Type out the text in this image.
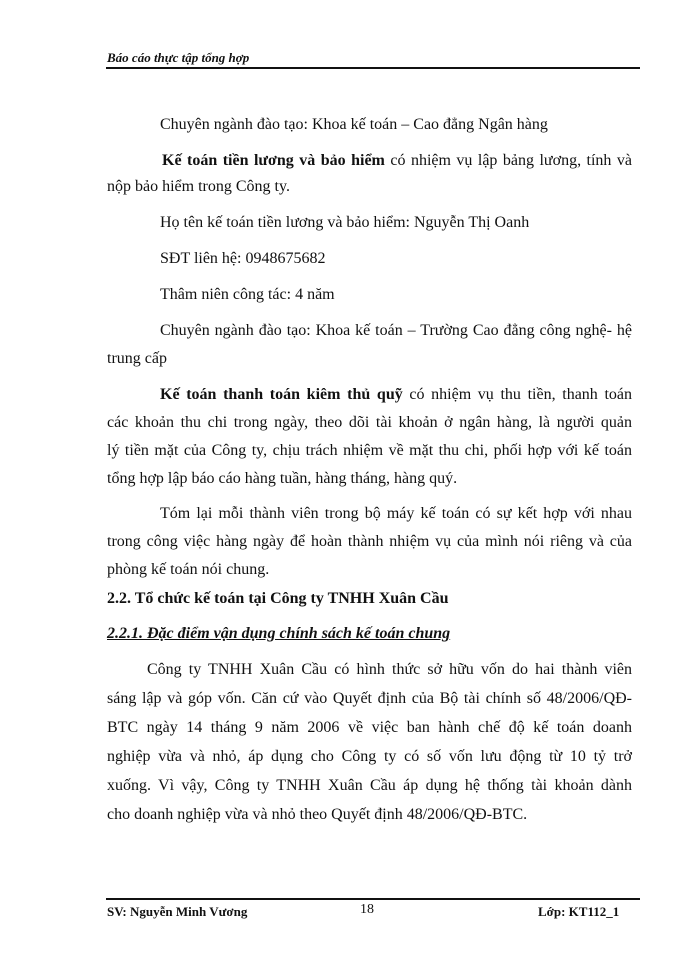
Báo cáo thực tập tổng hợp
Chuyên ngành đào tạo: Khoa kế toán – Cao đẳng Ngân hàng
Kế toán tiền lương và bảo hiểm có nhiệm vụ lập bảng lương, tính và
nộp bảo hiểm trong Công ty.
Họ tên kế toán tiền lương và bảo hiểm: Nguyễn Thị Oanh
SĐT liên hệ: 0948675682
Thâm niên công tác: 4 năm
Chuyên ngành đào tạo: Khoa kế toán – Trường Cao đẳng công nghệ- hệ
trung cấp
Kế toán thanh toán kiêm thủ quỹ có nhiệm vụ thu tiền, thanh toán
các khoản thu chi trong ngày, theo dõi tài khoản ở ngân hàng, là người quản
lý tiền mặt của Công ty, chịu trách nhiệm về mặt thu chi, phối hợp với kế toán
tổng hợp lập báo cáo hàng tuần, hàng tháng, hàng quý.
Tóm lại mỗi thành viên trong bộ máy kế toán có sự kết hợp với nhau
trong công việc hàng ngày để hoàn thành nhiệm vụ của mình nói riêng và của
phòng kế toán nói chung.
2.2. Tổ chức kế toán tại Công ty TNHH Xuân Cầu
2.2.1. Đặc điểm vận dụng chính sách kế toán chung
Công ty TNHH Xuân Cầu có hình thức sở hữu vốn do hai thành viên
sáng lập và góp vốn. Căn cứ vào Quyết định của Bộ tài chính số 48/2006/QĐ-
BTC ngày 14 tháng 9 năm 2006 về việc ban hành chế độ kế toán doanh
nghiệp vừa và nhỏ, áp dụng cho Công ty có số vốn lưu động từ 10 tỷ trở
xuống. Vì vậy, Công ty TNHH Xuân Cầu áp dụng hệ thống tài khoản dành
cho doanh nghiệp vừa và nhỏ theo Quyết định 48/2006/QĐ-BTC.
SV: Nguyễn Minh Vương	18	Lớp: KT112_1
